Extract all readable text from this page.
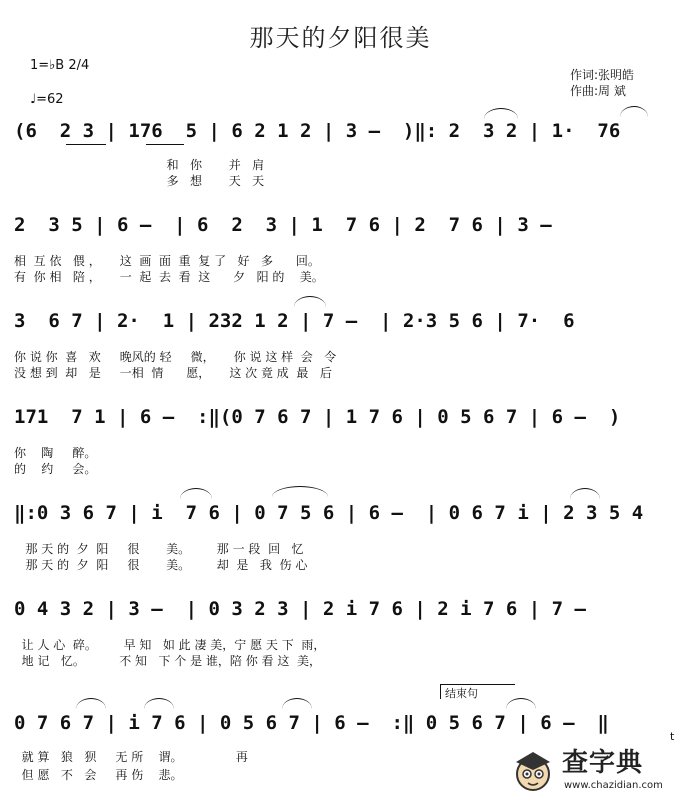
那天的夕阳很美
1=♭B 2/4
♩=62
作词:张明皓
作曲:周 斌
(6  2 3 | 176  5 | 6 2 1 2 | 3 —  )‖: 2  3 2 | 1·  76
和   你       并   肩
多   想       天   天
2  3 5 | 6 —  | 6  2  3 | 1  7 6 | 2  7 6 | 3 —
相  互 依   偎 ，     这  画  面  重  复 了   好   多      回。
有  你 相   陪 ，     一  起  去  看  这      夕   阳 的    美。
3  6 7 | 2·  1 | 232 1 2 | 7 —  | 2·3 5 6 | 7·  6
你 说 你  喜   欢     晚风的 轻     微，     你 说 这 样  会   令
没 想 到  却   是     一相  情      愿，     这 次 竟 成  最   后
171  7 1 | 6 —  :‖(0 7 6 7 | 1 7 6 | 0 5 6 7 | 6 —  )
你    陶     醉。
的    约     会。
‖:0 3 6 7 | i  7 6 | 0 7 5 6 | 6 —  | 0 6 7 i | 2 3 5 4
那 天 的  夕  阳     很       美。       那 一 段  回   忆
那 天 的  夕  阳     很       美。       却  是   我  伤 心
0 4 3 2 | 3 —  | 0 3 2 3 | 2 i 7 6 | 2 i 7 6 | 7 —
让 人 心  碎。       早 知   如 此 凄 美，宁 愿 天 下  雨，
地 记   忆。         不 知   下 个 是 谁，陪 你 看 这  美，
结束句
0 7 6 7 | i 7 6 | 0 5 6 7 | 6 —  :‖ 0 5 6 7 | 6 —  ‖
就 算   狼   狈     无 所    谓。              再
但 愿   不   会     再 伤    悲。	查字典
www.chazidian.com
t
